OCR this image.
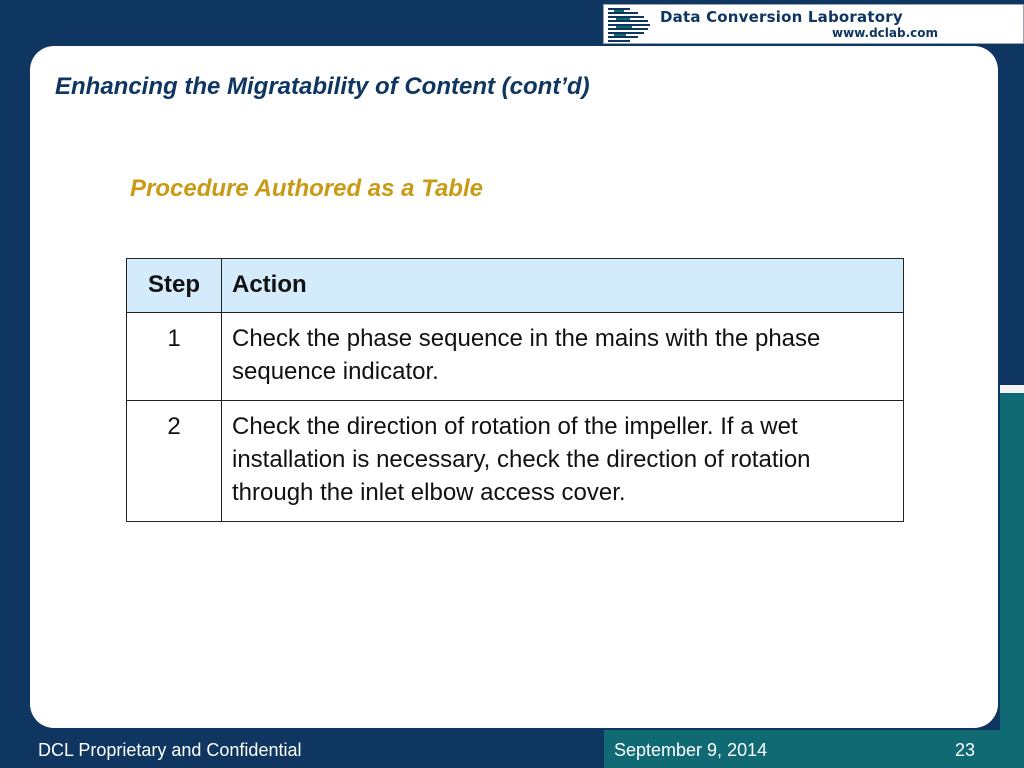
Data Conversion Laboratory
www.dclab.com
Enhancing the Migratability of Content (cont’d)
Procedure Authored as a Table
Step	Action
1	Check the phase sequence in the mains with the phase sequence indicator.
2	Check the direction of rotation of the impeller. If a wet installation is necessary, check the direction of rotation through the inlet elbow access cover.
DCL Proprietary and Confidential	September 9, 2014	23
